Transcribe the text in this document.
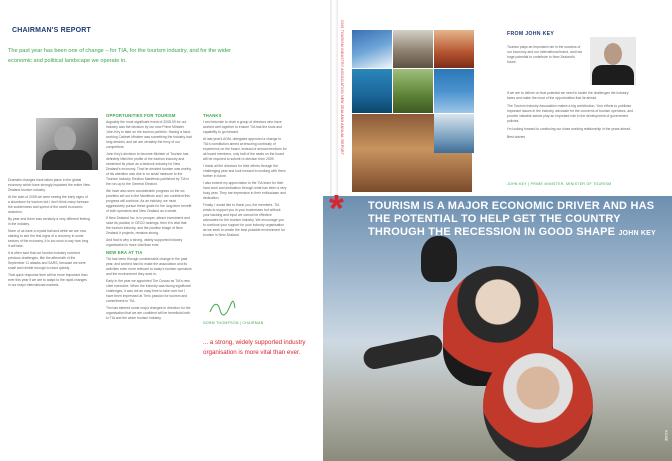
CHAIRMAN'S REPORT
The past year has been one of change – for TIA, for the tourism industry, and for the wider economic and political landscape we operate in.

Dramatic changes have taken place in the global economy which have strongly impacted the entire New Zealand tourism industry.

At the start of 2008 we were seeing the early signs of a slowdown for tourism but I don't think many foresaw the suddenness and speed of the world economic downturn.

By year-end there was certainly a very different feeling in the industry.

None of us have a crystal ball and while we are now starting to see the first signs of a recovery in some sectors of the economy, it is too soon to say how long it will take.

It is often said that our tourism industry survived previous challenges, like the aftermath of the September 11 attacks and SARS, because we were small and nimble enough to react quickly.

That quick response time will be more important than ever this year if we are to adapt to the rapid changes in our major international markets.

OPPORTUNITIES FOR TOURISM

Arguably the most significant event of 2008-09 for our industry was the decision by our new Prime Minister John Key to take on the tourism portfolio. Having a hard-working Cabinet Minister was something the industry had long desired, and we are certainly the envy of our competitors.

John Key's decision to become Minister of Tourism has definitely lifted the profile of the tourism industry and cemented its place as a bedrock industry for New Zealand's economy. That he decided tourism was worthy of his attention was due in no small measure to the Tourism Industry Election Manifesto published by TIA in the run-up to the General Election.

We have also seen considerable progress on the six priorities set out in the Manifesto and I am confident this progress will continue. As an industry, we must aggressively pursue these goals for the long-term benefit of both operators and New Zealand as a whole.

If New Zealand Inc. is to prosper, attract investment and raise its position in OECD rankings, then it is vital that the tourism industry, and the positive image of New Zealand it projects, remains strong.

And that is why a strong, widely supported industry organisation is more vital than ever.

NEW ERA AT TIA

TIA has been through considerable change in the past year, and worked hard to make the association and its activities even more relevant to today's tourism operators and the environment they work in.

Early in the year we appointed Tim Cossar as TIA's new chief executive. When the industry was facing significant challenges, it was not an easy time to take over but I have been impressed at Tim's passion for tourism and commitment to TIA.

Tim has steered some major changes in direction for the organisation that we are confident will be beneficial both to TIA and the wider tourism industry.

THANKS

I am fortunate to chair a group of directors who have worked well together to ensure TIA has the tools and capability to go forward.

At last year's AGM, delegates approved a change to TIA's constitution aimed at ensuring continuity of experience on the board. Instead of annual elections for all board members, only half of the seats on the board will be required to submit re-election from 2009.

I thank all the directors for their efforts through the challenging year and look forward to working with them further in future.

I also extend my appreciation to the TIA team for their hard work and dedication through what has been a very busy year. They are impressive in their enthusiasm and dedication.

Finally, I would like to thank you, the members. TIA exists to support you in your businesses but without your backing and input we cannot be effective advocates for the tourism industry. We encourage you to continue your support for your industry organisation as we seek to create the best possible environment for tourism in New Zealand.

NORM THOMPSON | CHAIRMAN
... a strong, widely supported industry organisation is more vital than ever.
2009 TOURISM INDUSTRY ASSOCIATION NEW ZEALAND ANNUAL REPORT	FROM JOHN KEY

Tourism plays an important role in the success of our economy and our international brand, and has huge potential to contribute to New Zealand's future.

If we are to deliver on that potential we need to tackle the challenges the industry faces and make the most of the opportunities that lie ahead.

The Tourism Industry Association makes a big contribution. Your efforts to publicise important issues in the industry, advocate for the concerns of tourism operators, and provide valuable advice play an important role in the development of government policies.

I'm looking forward to continuing our close working relationship in the years ahead.

Best wishes

JOHN KEY | PRIME MINISTER, MINISTER OF TOURISM
* TOURISM IS A MAJOR ECONOMIC DRIVER AND HAS THE POTENTIAL TO HELP GET THE COUNTRY THROUGH THE RECESSION IN GOOD SHAPE JOHN KEY
NZONE
